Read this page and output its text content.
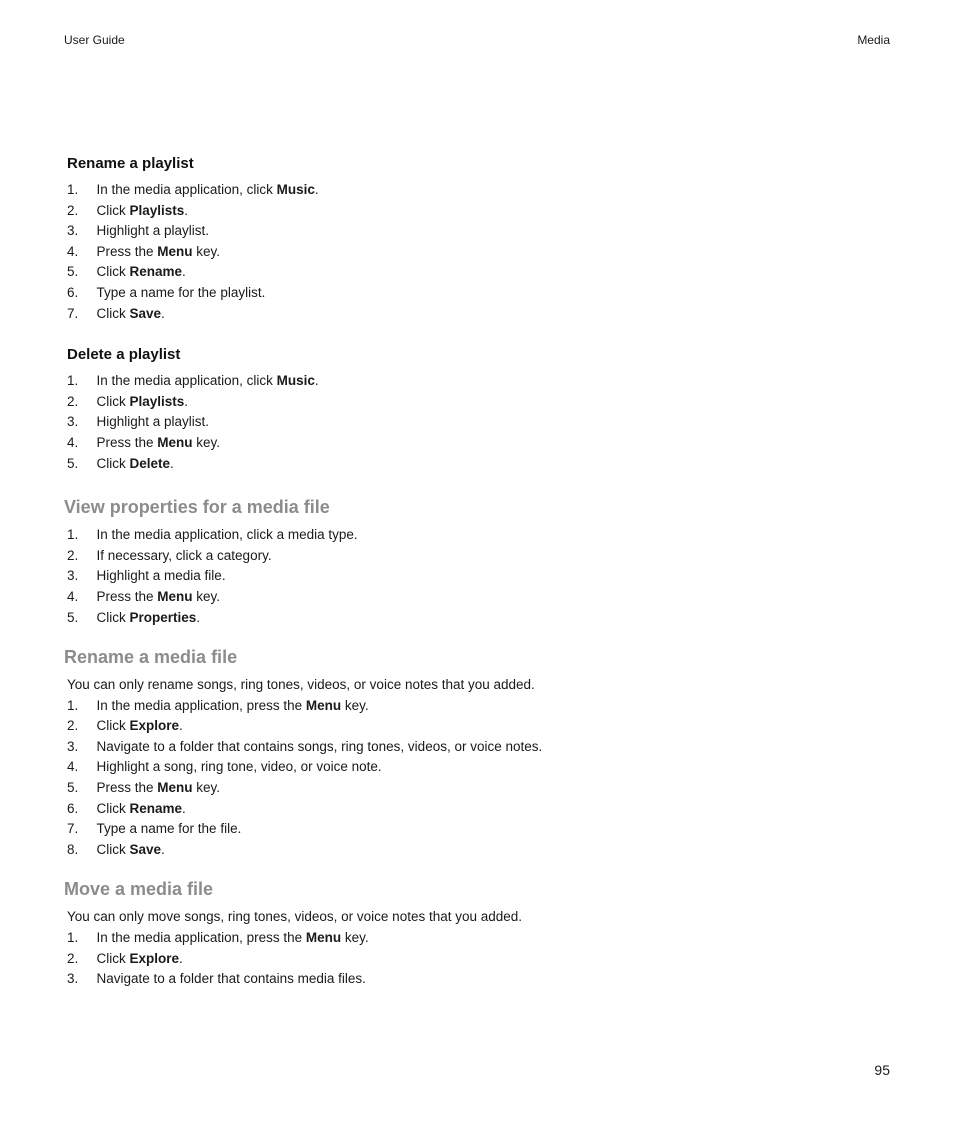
User Guide	Media
Rename a playlist
1. In the media application, click Music.
2. Click Playlists.
3. Highlight a playlist.
4. Press the Menu key.
5. Click Rename.
6. Type a name for the playlist.
7. Click Save.
Delete a playlist
1. In the media application, click Music.
2. Click Playlists.
3. Highlight a playlist.
4. Press the Menu key.
5. Click Delete.
View properties for a media file
1. In the media application, click a media type.
2. If necessary, click a category.
3. Highlight a media file.
4. Press the Menu key.
5. Click Properties.
Rename a media file
You can only rename songs, ring tones, videos, or voice notes that you added.
1. In the media application, press the Menu key.
2. Click Explore.
3. Navigate to a folder that contains songs, ring tones, videos, or voice notes.
4. Highlight a song, ring tone, video, or voice note.
5. Press the Menu key.
6. Click Rename.
7. Type a name for the file.
8. Click Save.
Move a media file
You can only move songs, ring tones, videos, or voice notes that you added.
1. In the media application, press the Menu key.
2. Click Explore.
3. Navigate to a folder that contains media files.
95
